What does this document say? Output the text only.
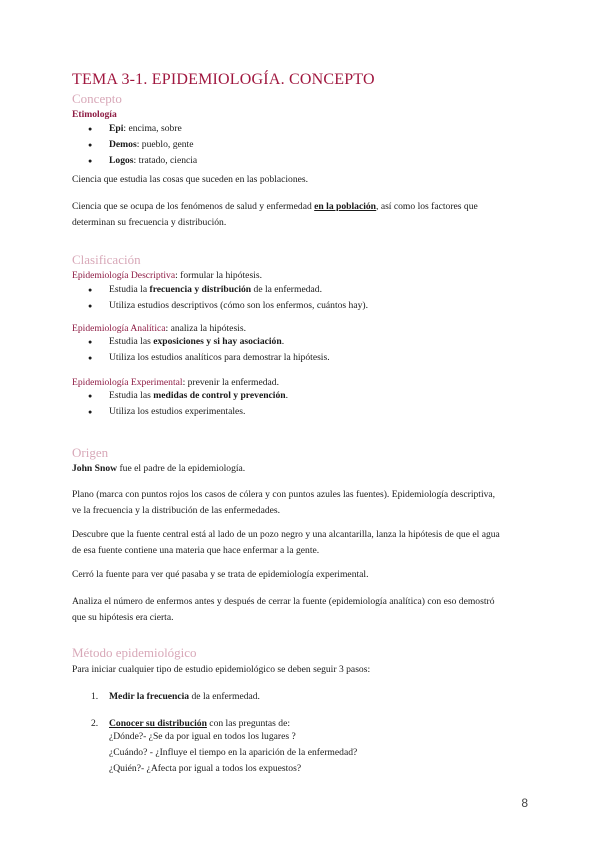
TEMA 3-1. EPIDEMIOLOGÍA. CONCEPTO
Concepto
Etimología
● Epi: encima, sobre
● Demos: pueblo, gente
● Logos: tratado, ciencia
Ciencia que estudia las cosas que suceden en las poblaciones.
Ciencia que se ocupa de los fenómenos de salud y enfermedad en la población, así como los factores que
determinan su frecuencia y distribución.
Clasificación
Epidemiología Descriptiva: formular la hipótesis.
● Estudia la frecuencia y distribución de la enfermedad.
● Utiliza estudios descriptivos (cómo son los enfermos, cuántos hay).
Epidemiología Analítica: analiza la hipótesis.
● Estudia las exposiciones y si hay asociación.
● Utiliza los estudios analíticos para demostrar la hipótesis.
Epidemiología Experimental: prevenir la enfermedad.
● Estudia las medidas de control y prevención.
● Utiliza los estudios experimentales.
Origen
John Snow fue el padre de la epidemiología.
Plano (marca con puntos rojos los casos de cólera y con puntos azules las fuentes). Epidemiología descriptiva,
ve la frecuencia y la distribución de las enfermedades.
Descubre que la fuente central está al lado de un pozo negro y una alcantarilla, lanza la hipótesis de que el agua
de esa fuente contiene una materia que hace enfermar a la gente.
Cerró la fuente para ver qué pasaba y se trata de epidemiología experimental.
Analiza el número de enfermos antes y después de cerrar la fuente (epidemiología analítica) con eso demostró
que su hipótesis era cierta.
Método epidemiológico
Para iniciar cualquier tipo de estudio epidemiológico se deben seguir 3 pasos:
1. Medir la frecuencia de la enfermedad.
2. Conocer su distribución con las preguntas de:
¿Dónde?- ¿Se da por igual en todos los lugares ?
¿Cuándo? - ¿Influye el tiempo en la aparición de la enfermedad?
¿Quién?- ¿Afecta por igual a todos los expuestos?
8
